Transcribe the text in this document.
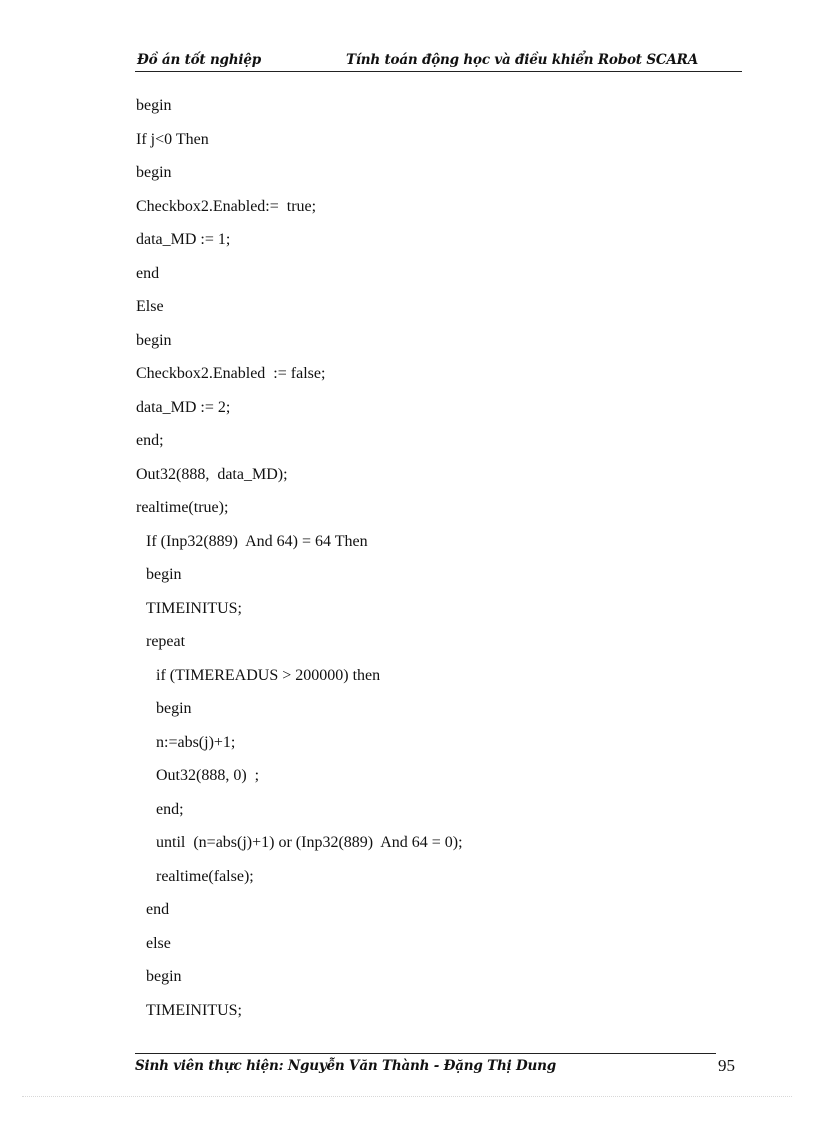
Đồ án tốt nghiệp	Tính toán động học và điều khiển Robot SCARA
begin
If j<0 Then
begin
Checkbox2.Enabled:=  true;
data_MD := 1;
end
Else
begin
Checkbox2.Enabled  := false;
data_MD := 2;
end;
Out32(888,  data_MD);
realtime(true);
If (Inp32(889)  And 64) = 64 Then
begin
TIMEINITUS;
repeat
if (TIMEREADUS > 200000) then
begin
n:=abs(j)+1;
Out32(888, 0)  ;
end;
until  (n=abs(j)+1) or (Inp32(889)  And 64 = 0);
realtime(false);
end
else
begin
TIMEINITUS;
Sinh viên thực hiện: Nguyễn Văn Thành - Đặng Thị Dung	95
